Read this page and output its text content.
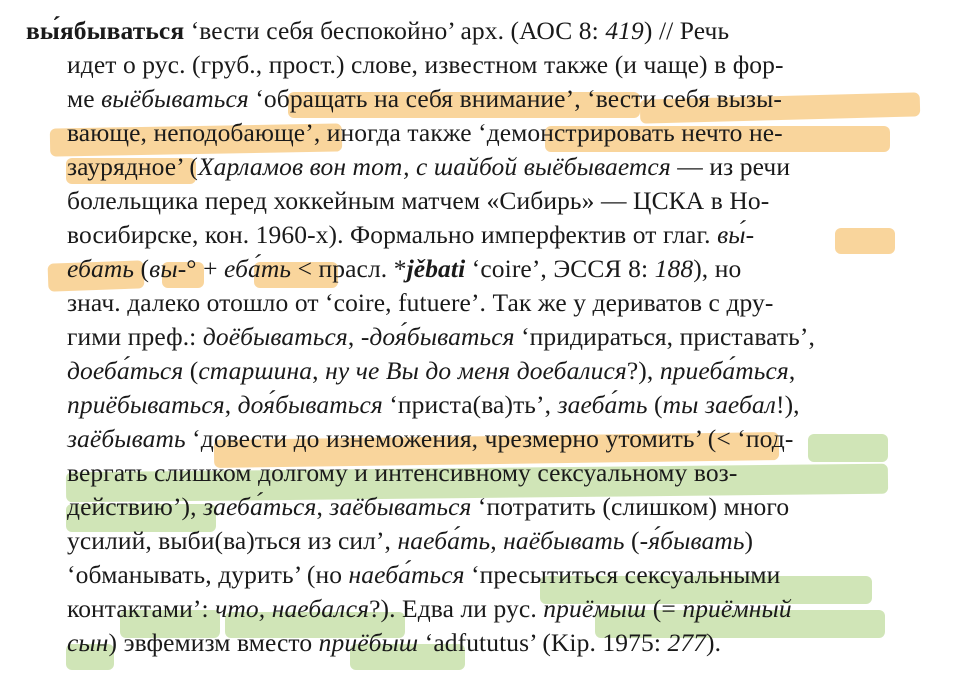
вы́ябываться ‘вести себя беспокойно’ арх. (АОС 8: 419) // Речь
идет о рус. (груб., прост.) слове, известном также (и чаще) в фор-
ме выёбываться ‘обращать на себя внимание’, ‘вести себя вызы-
вающе, неподобающе’, иногда также ‘демонстрировать нечто не-
заурядное’ (Харламов вон тот, с шайбой выёбывается — из речи
болельщика перед хоккейным матчем «Сибирь» — ЦСКА в Но-
восибирске, кон. 1960-х). Формально имперфектив от глаг. вы́-
ебать (вы-° + еба́ть < прасл. *jěbati ‘coire’, ЭССЯ 8: 188), но
знач. далеко отошло от ‘coire, futuere’. Так же у дериватов с дру-
гими преф.: доёбываться, -доя́бываться ‘придираться, приставать’,
доеба́ться (старшина, ну че Вы до меня доебалися?), приеба́ться,
приёбываться, доя́бываться ‘приста(ва)ть’, заеба́ть (ты заебал!),
заёбывать ‘довести до изнеможения, чрезмерно утомить’ (< ‘под-
вергать слишком долгому и интенсивному сексуальному воз-
действию’), заеба́ться, заёбываться ‘потратить (слишком) много
усилий, выби(ва)ться из сил’, наеба́ть, наёбывать (-я́бывать)
‘обманывать, дурить’ (но наеба́ться ‘пресытиться сексуальными
контактами’: что, наебался?). Едва ли рус. приёмыш (= приёмный
сын) эвфемизм вместо приёбыш ‘adfututus’ (Kip. 1975: 277).
